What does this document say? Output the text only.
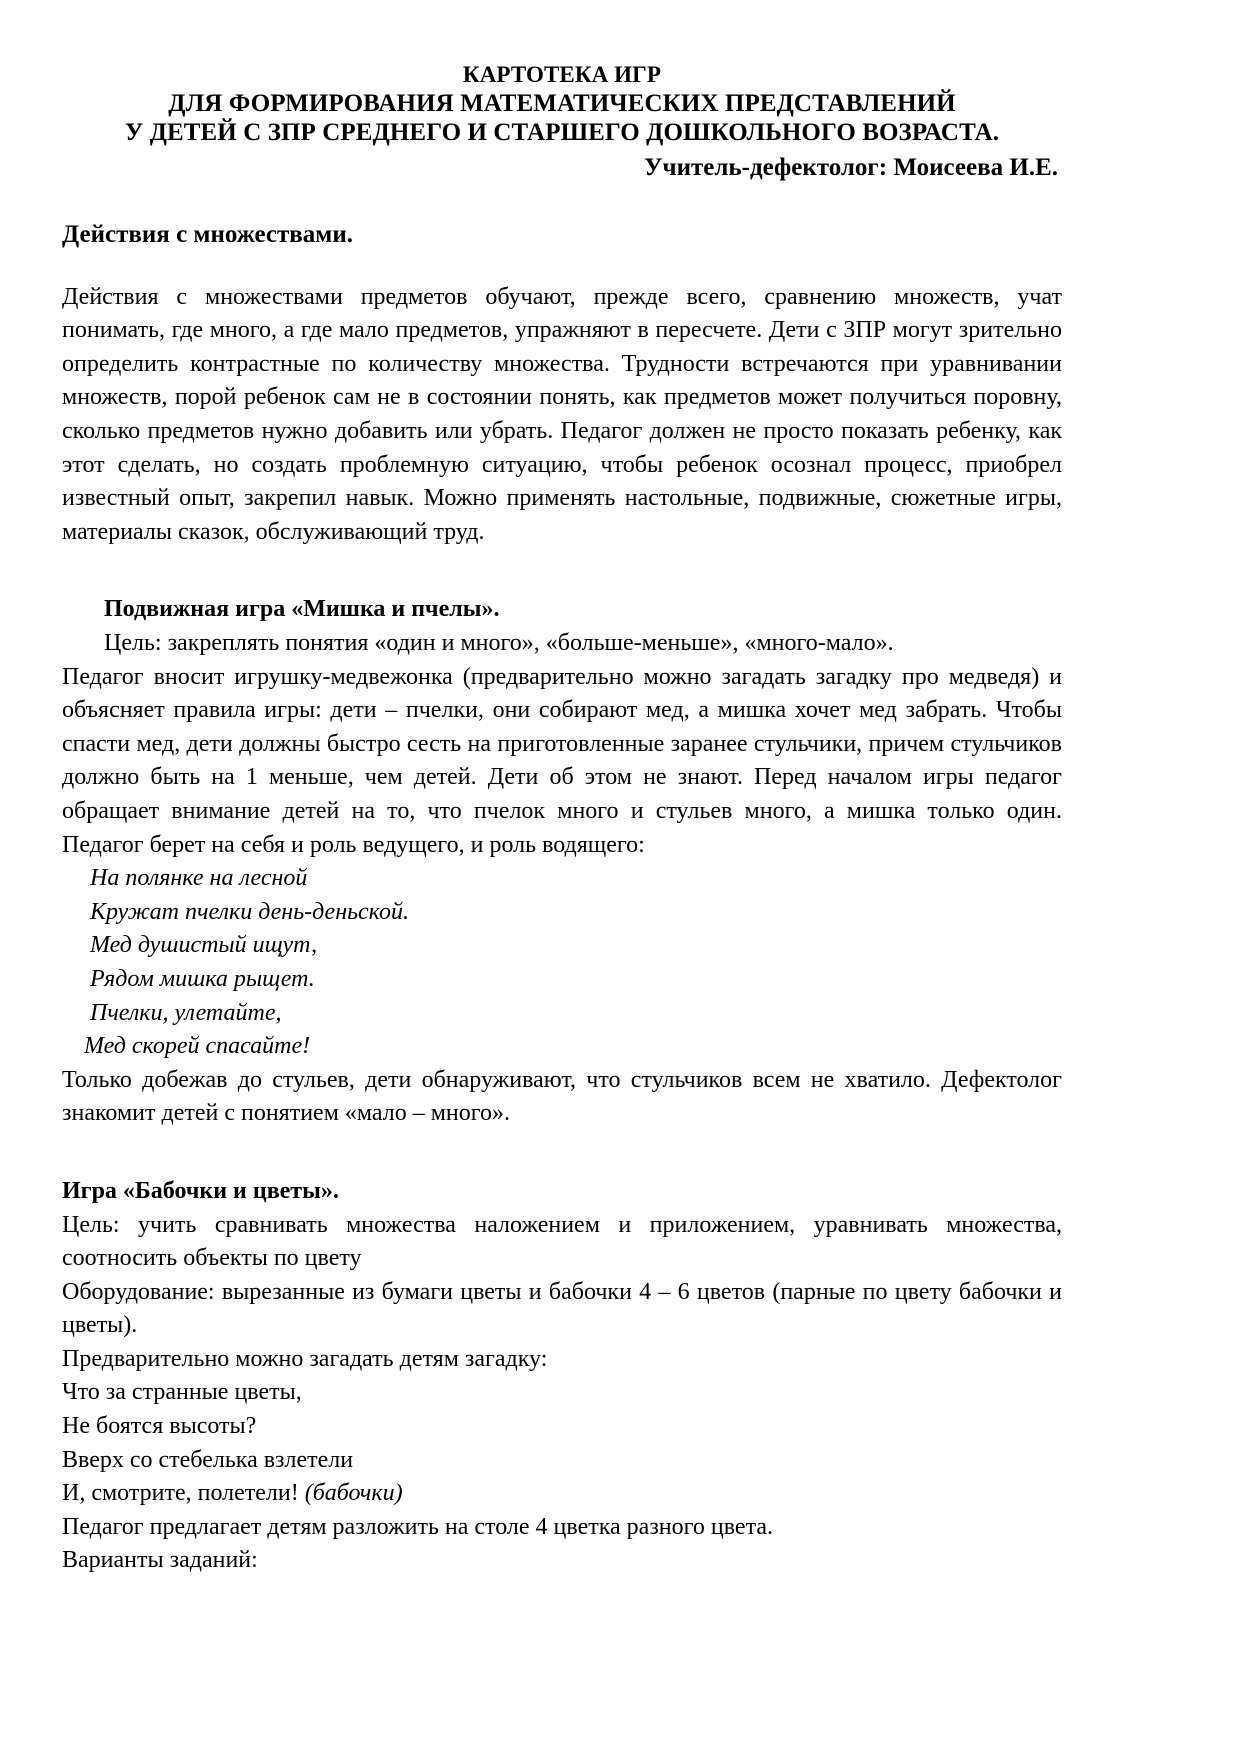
КАРТОТЕКА ИГР
ДЛЯ ФОРМИРОВАНИЯ МАТЕМАТИЧЕСКИХ ПРЕДСТАВЛЕНИЙ
У ДЕТЕЙ С ЗПР СРЕДНЕГО И СТАРШЕГО ДОШКОЛЬНОГО ВОЗРАСТА.
Учитель-дефектолог: Моисеева И.Е.
Действия с множествами.

Действия с множествами предметов обучают, прежде всего, сравнению множеств, учат понимать, где много, а где мало предметов, упражняют в пересчете. Дети с ЗПР могут зрительно определить контрастные по количеству множества. Трудности встречаются при уравнивании множеств, порой ребенок сам не в состоянии понять, как предметов может получиться поровну, сколько предметов нужно добавить или убрать. Педагог должен не просто показать ребенку, как этот сделать, но создать проблемную ситуацию, чтобы ребенок осознал процесс, приобрел известный опыт, закрепил навык. Можно применять настольные, подвижные, сюжетные игры, материалы сказок, обслуживающий труд.

Подвижная игра «Мишка и пчелы».
Цель: закреплять понятия «один и много», «больше-меньше», «много-мало».

Педагог вносит игрушку-медвежонка (предварительно можно загадать загадку про медведя) и объясняет правила игры: дети – пчелки, они собирают мед, а мишка хочет мед забрать. Чтобы спасти мед, дети должны быстро сесть на приготовленные заранее стульчики, причем стульчиков должно быть на 1 меньше, чем детей. Дети об этом не знают. Перед началом игры педагог обращает внимание детей на то, что пчелок много и стульев много, а мишка только один. Педагог берет на себя и роль ведущего, и роль водящего:

На полянке на лесной
Кружат пчелки день-деньской.
Мед душистый ищут,
Рядом мишка рыщет.
Пчелки, улетайте,
Мед скорей спасайте!

Только добежав до стульев, дети обнаруживают, что стульчиков всем не хватило. Дефектолог знакомит детей с понятием «мало – много».

Игра «Бабочки и цветы».

Цель: учить сравнивать множества наложением и приложением, уравнивать множества, соотносить объекты по цвету

Оборудование: вырезанные из бумаги цветы и бабочки 4 – 6 цветов (парные по цвету бабочки и цветы).

Предварительно можно загадать детям загадку:
Что за странные цветы,
Не боятся высоты?
Вверх со стебелька взлетели
И, смотрите, полетели! (бабочки)
Педагог предлагает детям разложить на столе 4 цветка разного цвета.
Варианты заданий:
